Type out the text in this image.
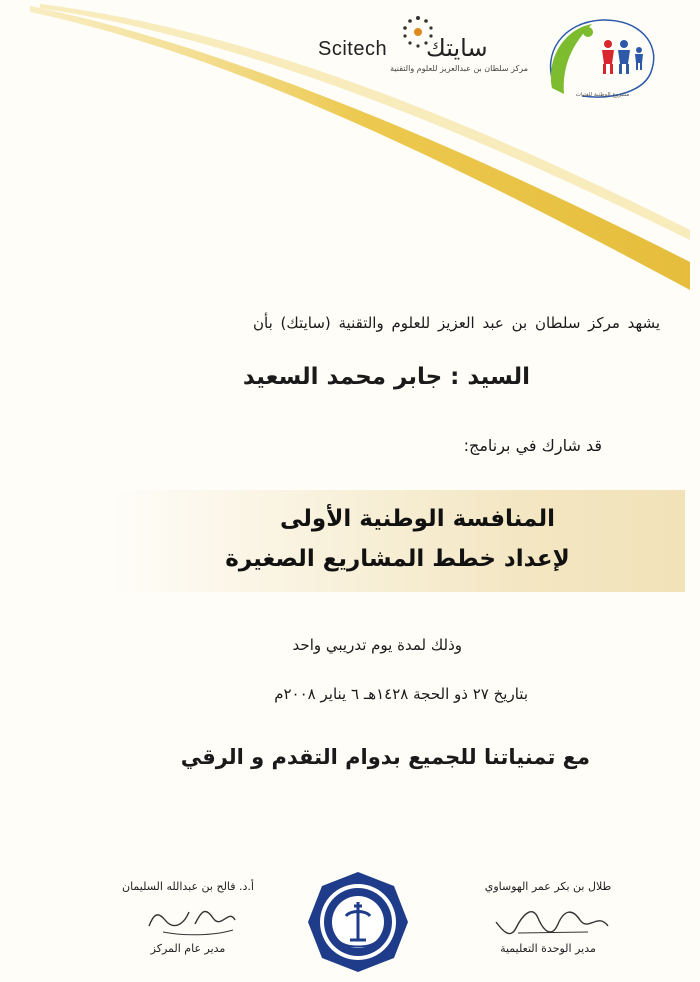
Scitech سايتك
مركز سلطان بن عبدالعزيز للعلوم والتقنية
مشروع الوطنية للفتيات
يشهد مركز سلطان بن عبد العزيز للعلوم والتقنية (سايتك) بأن
السيد : جابر محمد السعيد
قد شارك في برنامج:
المنافسة الوطنية الأولى
لإعداد خطط المشاريع الصغيرة
وذلك لمدة يوم تدريبي واحد
بتاريخ ٢٧ ذو الحجة ١٤٢٨هـ ٦ يناير ٢٠٠٨م
مع تمنياتنا للجميع بدوام التقدم و الرقي
طلال بن بكر عمر الهوساوي
مدير الوحدة التعليمية
أ.د. فالح بن عبدالله السليمان
مدير عام المركز
